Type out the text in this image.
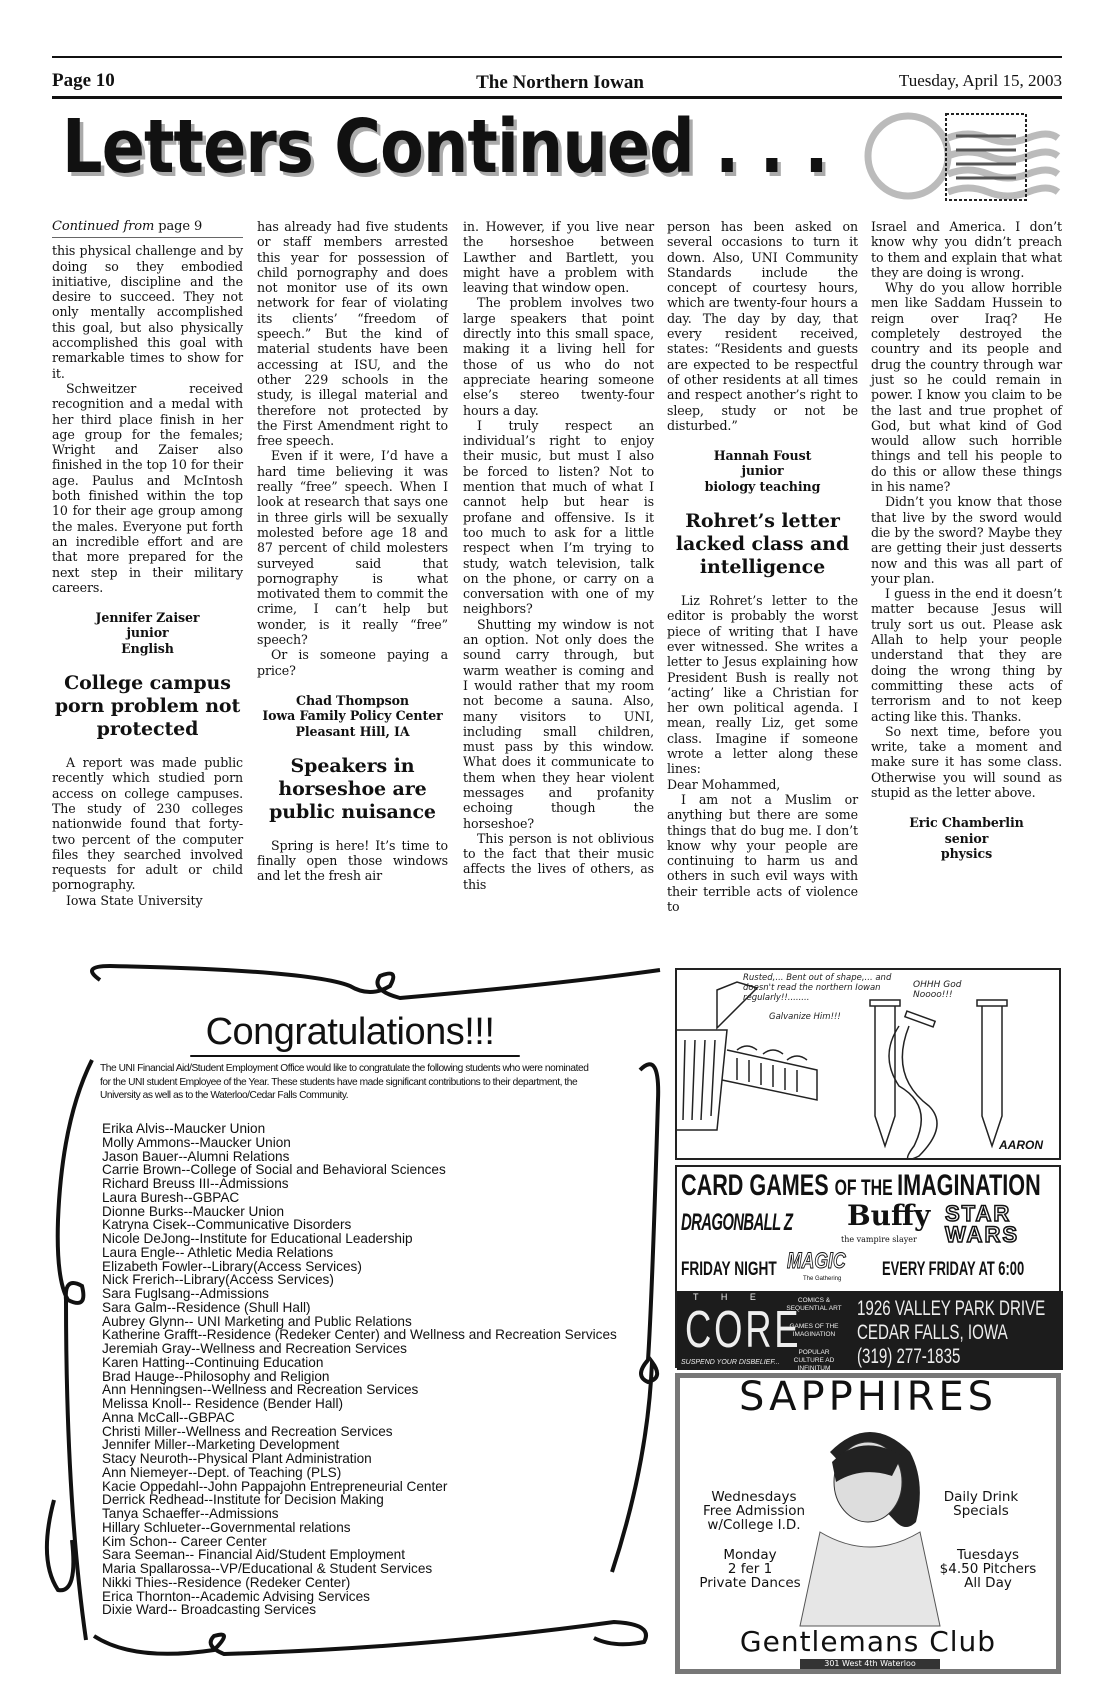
Page 10	The Northern Iowan	Tuesday, April 15, 2003
Letters Continued . . .
Continued from page 9

this physical challenge and by doing so they embodied initiative, discipline and the desire to succeed. They not only mentally accomplished this goal, but also physically accomplished this goal with remarkable times to show for it.

Schweitzer received recognition and a medal with her third place finish in her age group for the females; Wright and Zaiser also finished in the top 10 for their age. Paulus and McIntosh both finished within the top 10 for their age group among the males. Everyone put forth an incredible effort and are that more prepared for the next step in their military careers.

Jennifer Zaiser
junior
English
College campus porn problem not protected

A report was made public recently which studied porn access on college campuses. The study of 230 colleges nationwide found that forty-two percent of the computer files they searched involved requests for adult or child pornography.

Iowa State University

has already had five students or staff members arrested this year for possession of child pornography and does not monitor use of its own network for fear of violating its clients’ “freedom of speech.” But the kind of material students have been accessing at ISU, and the other 229 schools in the study, is illegal material and therefore not protected by the First Amendment right to free speech.

Even if it were, I’d have a hard time believing it was really “free” speech. When I look at research that says one in three girls will be sexually molested before age 18 and 87 percent of child molesters surveyed said that pornography is what motivated them to commit the crime, I can’t help but wonder, is it really “free” speech?

Or is someone paying a price?

Chad Thompson
Iowa Family Policy Center
Pleasant Hill, IA
Speakers in horseshoe are public nuisance

Spring is here! It’s time to finally open those windows and let the fresh air

in. However, if you live near the horseshoe between Lawther and Bartlett, you might have a problem with leaving that window open.

The problem involves two large speakers that point directly into this small space, making it a living hell for those of us who do not appreciate hearing someone else’s stereo twenty-four hours a day.

I truly respect an individual’s right to enjoy their music, but must I also be forced to listen? Not to mention that much of what I cannot help but hear is profane and offensive. Is it too much to ask for a little respect when I’m trying to study, watch television, talk on the phone, or carry on a conversation with one of my neighbors?

Shutting my window is not an option. Not only does the sound carry through, but warm weather is coming and I would rather that my room not become a sauna. Also, many visitors to UNI, including small children, must pass by this window. What does it communicate to them when they hear violent messages and profanity echoing though the horseshoe?

This person is not oblivious to the fact that their music affects the lives of others, as this

person has been asked on several occasions to turn it down. Also, UNI Community Standards include the concept of courtesy hours, which are twenty-four hours a day. The day by day, that every resident received, states: “Residents and guests are expected to be respectful of other residents at all times and respect another’s right to sleep, study or not be disturbed.”

Hannah Foust
junior
biology teaching
Rohret’s letter lacked class and intelligence

Liz Rohret’s letter to the editor is probably the worst piece of writing that I have ever witnessed. She writes a letter to Jesus explaining how President Bush is really not ‘acting’ like a Christian for her own political agenda. I mean, really Liz, get some class. Imagine if someone wrote a letter along these lines:

Dear Mohammed,

I am not a Muslim or anything but there are some things that do bug me. I don’t know why your people are continuing to harm us and others in such evil ways with their terrible acts of violence to

Israel and America. I don’t know why you didn’t preach to them and explain that what they are doing is wrong.

Why do you allow horrible men like Saddam Hussein to reign over Iraq? He completely destroyed the country and its people and drug the country through war just so he could remain in power. I know you claim to be the last and true prophet of God, but what kind of God would allow such horrible things and tell his people to do this or allow these things in his name?

Didn’t you know that those that live by the sword would die by the sword? Maybe they are getting their just desserts now and this was all part of your plan.

I guess in the end it doesn’t matter because Jesus will truly sort us out. Please ask Allah to help your people understand that they are doing the wrong thing by committing these acts of terrorism and to not keep acting like this. Thanks.

So next time, before you write, take a moment and make sure it has some class. Otherwise you will sound as stupid as the letter above.

Eric Chamberlin
senior
physics
Congratulations!!!
The UNI Financial Aid/Student Employment Office would like to congratulate the following students who were nominated for the UNI student Employee of the Year. These students have made significant contributions to their department, the University as well as to the Waterloo/Cedar Falls Community.
Erika Alvis--Maucker Union
Molly Ammons--Maucker Union
Jason Bauer--Alumni Relations
Carrie Brown--College of Social and Behavioral Sciences
Richard Breuss III--Admissions
Laura Buresh--GBPAC
Dionne Burks--Maucker Union
Katryna Cisek--Communicative Disorders
Nicole DeJong--Institute for Educational Leadership
Laura Engle-- Athletic Media Relations
Elizabeth Fowler--Library(Access Services)
Nick Frerich--Library(Access Services)
Sara Fuglsang--Admissions
Sara Galm--Residence (Shull Hall)
Aubrey Glynn-- UNI Marketing and Public Relations
Katherine Grafft--Residence (Redeker Center) and Wellness and Recreation Services
Jeremiah Gray--Wellness and Recreation Services
Karen Hatting--Continuing Education
Brad Hauge--Philosophy and Religion
Ann Henningsen--Wellness and Recreation Services
Melissa Knoll-- Residence (Bender Hall)
Anna McCall--GBPAC
Christi Miller--Wellness and Recreation Services
Jennifer Miller--Marketing Development
Stacy Neuroth--Physical Plant Administration
Ann Niemeyer--Dept. of Teaching (PLS)
Kacie Oppedahl--John Pappajohn Entrepreneurial Center
Derrick Redhead--Institute for Decision Making
Tanya Schaeffer--Admissions
Hillary Schlueter--Governmental relations
Kim Schon-- Career Center
Sara Seeman-- Financial Aid/Student Employment
Maria Spallarossa--VP/Educational & Student Services
Nikki Thies--Residence (Redeker Center)
Erica Thornton--Academic Advising Services
Dixie Ward-- Broadcasting Services
Rusted,... Bent out of shape,... and doesn't read the northern Iowan regularly!!........
Galvanize Him!!!
OHHH God Noooo!!!
AARON
CARD GAMES OF THE IMAGINATION
DRAGONBALL Z Buffy
the vampire slayer
STAR
WARS
FRIDAY NIGHT MAGIC
The Gathering EVERY FRIDAY AT 6:00
T H E
CORE
SUSPEND YOUR DISBELIEF...
COMICS & SEQUENTIAL ART
GAMES OF THE IMAGINATION
POPULAR CULTURE AD INFINITUM
1926 VALLEY PARK DRIVE
CEDAR FALLS, IOWA
(319) 277-1835
SAPPHIRES
Wednesdays
Free Admission
w/College I.D.
Daily Drink
Specials
Monday
2 fer 1
Private Dances
Tuesdays
$4.50 Pitchers
All Day
Gentlemans Club
301 West 4th Waterloo
